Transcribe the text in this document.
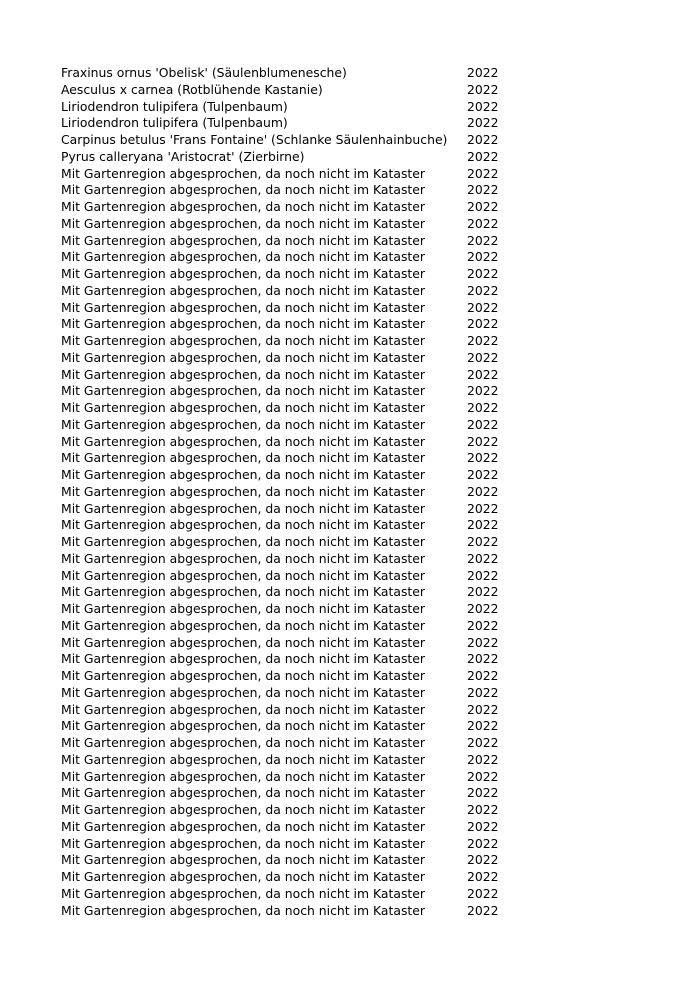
Fraxinus ornus 'Obelisk' (Säulenblumenesche)	2022
Aesculus x carnea (Rotblühende Kastanie)	2022
Liriodendron tulipifera (Tulpenbaum)	2022
Liriodendron tulipifera (Tulpenbaum)	2022
Carpinus betulus 'Frans Fontaine' (Schlanke Säulenhainbuche)	2022
Pyrus calleryana 'Aristocrat' (Zierbirne)	2022
Mit Gartenregion abgesprochen, da noch nicht im Kataster	2022
Mit Gartenregion abgesprochen, da noch nicht im Kataster	2022
Mit Gartenregion abgesprochen, da noch nicht im Kataster	2022
Mit Gartenregion abgesprochen, da noch nicht im Kataster	2022
Mit Gartenregion abgesprochen, da noch nicht im Kataster	2022
Mit Gartenregion abgesprochen, da noch nicht im Kataster	2022
Mit Gartenregion abgesprochen, da noch nicht im Kataster	2022
Mit Gartenregion abgesprochen, da noch nicht im Kataster	2022
Mit Gartenregion abgesprochen, da noch nicht im Kataster	2022
Mit Gartenregion abgesprochen, da noch nicht im Kataster	2022
Mit Gartenregion abgesprochen, da noch nicht im Kataster	2022
Mit Gartenregion abgesprochen, da noch nicht im Kataster	2022
Mit Gartenregion abgesprochen, da noch nicht im Kataster	2022
Mit Gartenregion abgesprochen, da noch nicht im Kataster	2022
Mit Gartenregion abgesprochen, da noch nicht im Kataster	2022
Mit Gartenregion abgesprochen, da noch nicht im Kataster	2022
Mit Gartenregion abgesprochen, da noch nicht im Kataster	2022
Mit Gartenregion abgesprochen, da noch nicht im Kataster	2022
Mit Gartenregion abgesprochen, da noch nicht im Kataster	2022
Mit Gartenregion abgesprochen, da noch nicht im Kataster	2022
Mit Gartenregion abgesprochen, da noch nicht im Kataster	2022
Mit Gartenregion abgesprochen, da noch nicht im Kataster	2022
Mit Gartenregion abgesprochen, da noch nicht im Kataster	2022
Mit Gartenregion abgesprochen, da noch nicht im Kataster	2022
Mit Gartenregion abgesprochen, da noch nicht im Kataster	2022
Mit Gartenregion abgesprochen, da noch nicht im Kataster	2022
Mit Gartenregion abgesprochen, da noch nicht im Kataster	2022
Mit Gartenregion abgesprochen, da noch nicht im Kataster	2022
Mit Gartenregion abgesprochen, da noch nicht im Kataster	2022
Mit Gartenregion abgesprochen, da noch nicht im Kataster	2022
Mit Gartenregion abgesprochen, da noch nicht im Kataster	2022
Mit Gartenregion abgesprochen, da noch nicht im Kataster	2022
Mit Gartenregion abgesprochen, da noch nicht im Kataster	2022
Mit Gartenregion abgesprochen, da noch nicht im Kataster	2022
Mit Gartenregion abgesprochen, da noch nicht im Kataster	2022
Mit Gartenregion abgesprochen, da noch nicht im Kataster	2022
Mit Gartenregion abgesprochen, da noch nicht im Kataster	2022
Mit Gartenregion abgesprochen, da noch nicht im Kataster	2022
Mit Gartenregion abgesprochen, da noch nicht im Kataster	2022
Mit Gartenregion abgesprochen, da noch nicht im Kataster	2022
Mit Gartenregion abgesprochen, da noch nicht im Kataster	2022
Mit Gartenregion abgesprochen, da noch nicht im Kataster	2022
Mit Gartenregion abgesprochen, da noch nicht im Kataster	2022
Mit Gartenregion abgesprochen, da noch nicht im Kataster	2022
Mit Gartenregion abgesprochen, da noch nicht im Kataster	2022
